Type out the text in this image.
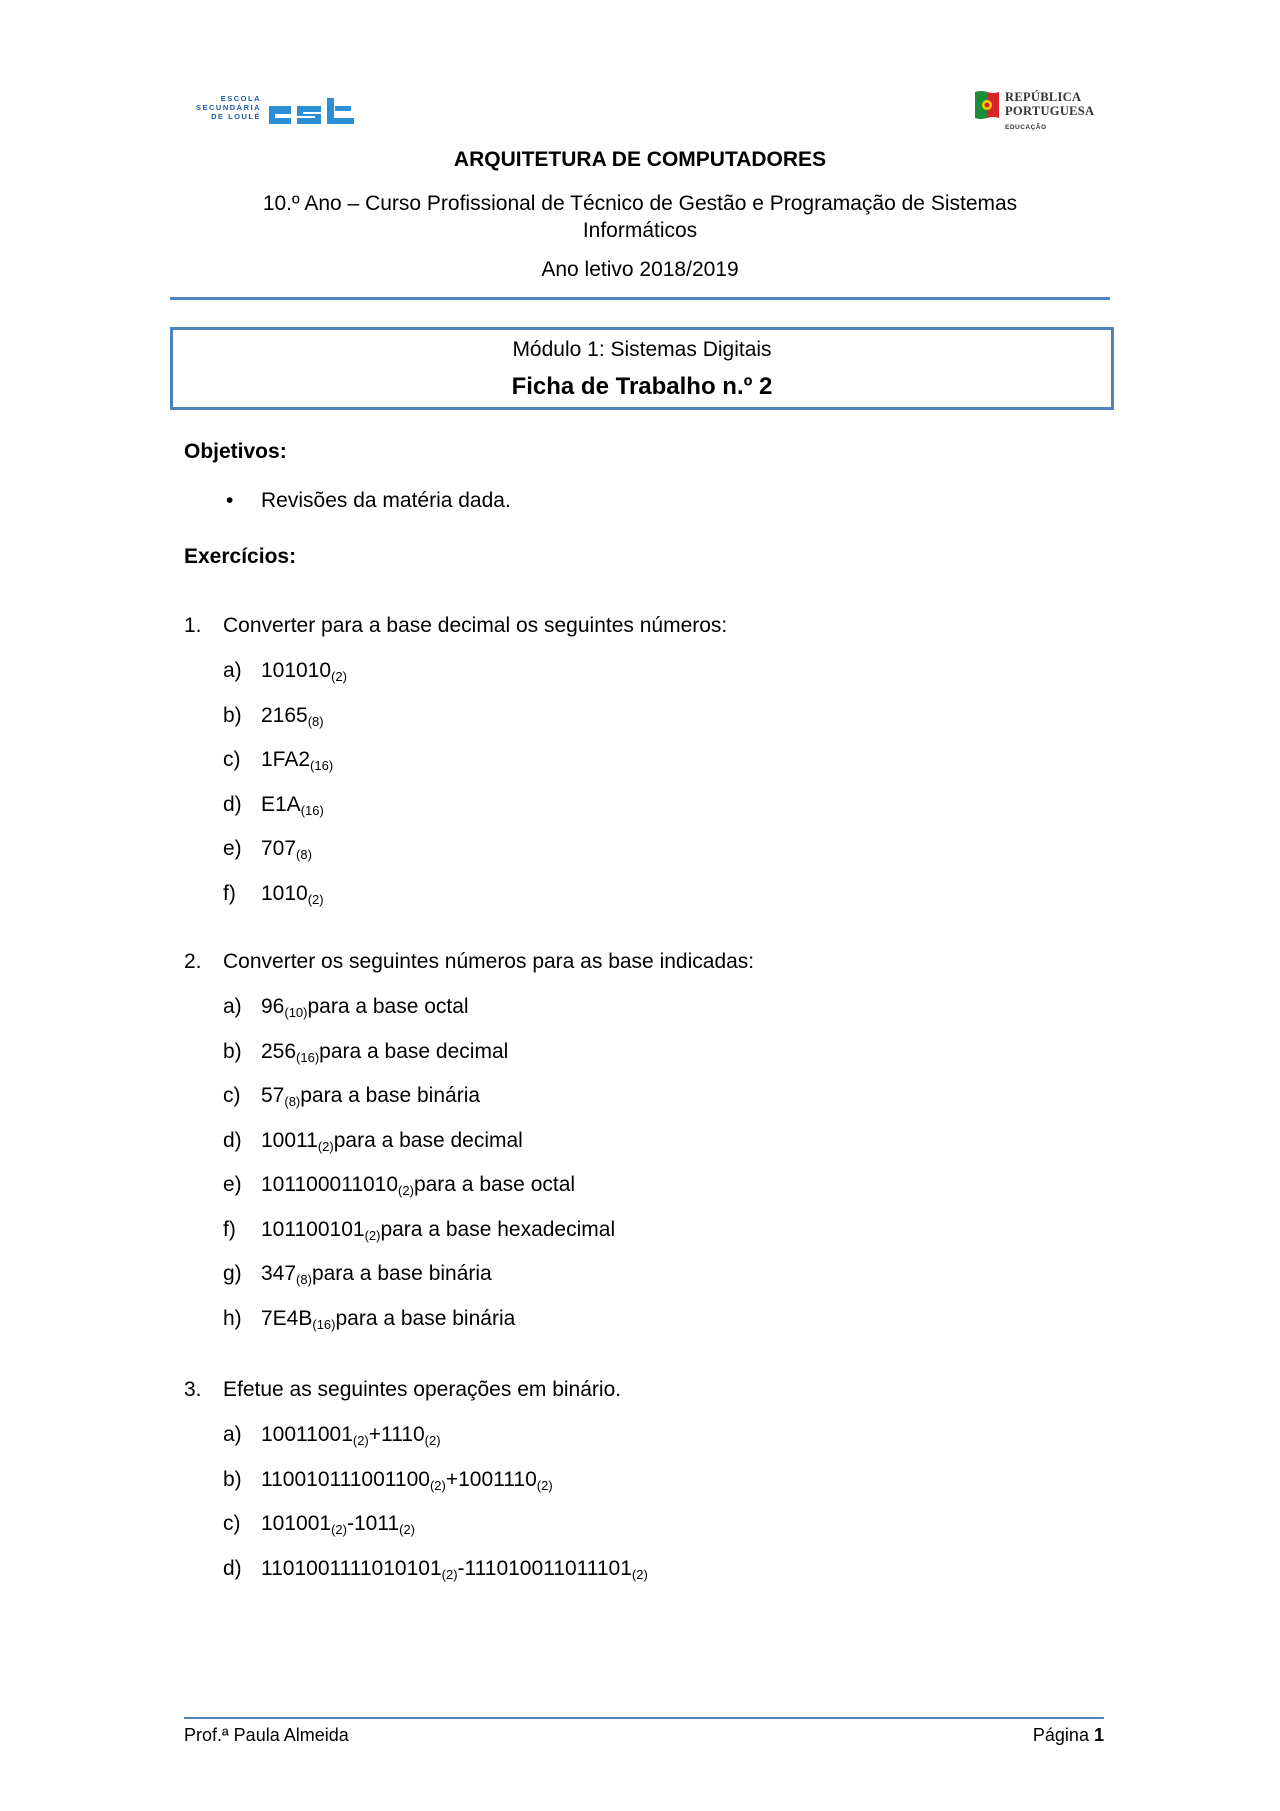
ESCOLA
SECUNDÁRIA
DE LOULÉ
REPÚBLICA
PORTUGUESA
EDUCAÇÃO
ARQUITETURA DE COMPUTADORES
10.º Ano – Curso Profissional de Técnico de Gestão e Programação de Sistemas
Informáticos
Ano letivo 2018/2019
Módulo 1: Sistemas Digitais
Ficha de Trabalho n.º 2
Objetivos:
• Revisões da matéria dada.
Exercícios:
1. Converter para a base decimal os seguintes números:
a) $101010_{(2)}$
b) $2165_{(8)}$
c) $1FA2_{(16)}$
d) $E1A_{(16)}$
e) $707_{(8)}$
f) $1010_{(2)}$
2. Converter os seguintes números para as base indicadas:
a) $96_{(10)}para$ a base octal
b) $256_{(16)}para$ a base decimal
c) $57_{(8)}para$ a base binária
d) $10011_{(2)}para$ a base decimal
e) $101100011010_{(2)}para$ a base octal
f) $101100101_{(2)}para$ a base hexadecimal
g) $347_{(8)}para$ a base binária
h) $7E4B_{(16)}para$ a base binária
3. Efetue as seguintes operações em binário.
a) $10011001_{(2)}+1110_{(2)}$
b) $110010111001100_{(2)}+1001110_{(2)}$
c) $101001_{(2)}-1011_{(2)}$
d) $1101001111010101_{(2)}-111010011011101_{(2)}$
Prof.ª Paula Almeida	Página 1
